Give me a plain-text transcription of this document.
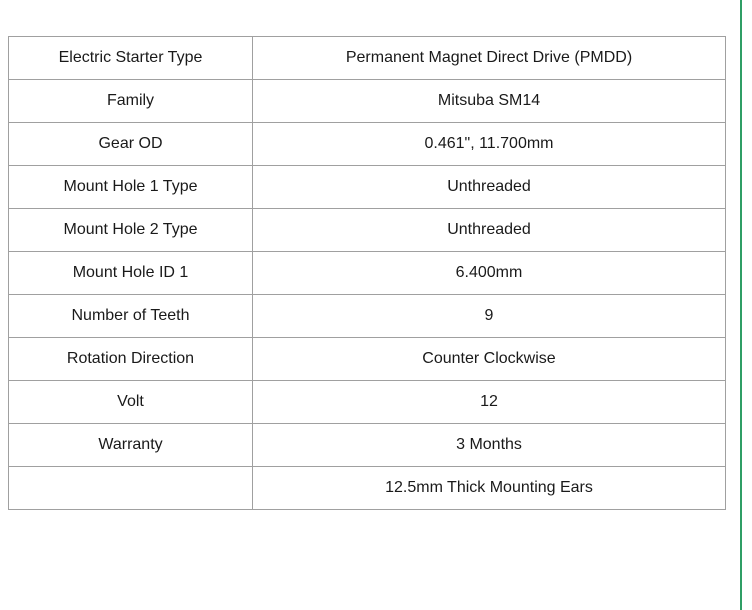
Electric Starter Type	Permanent Magnet Direct Drive (PMDD)
Family	Mitsuba SM14
Gear OD	0.461", 11.700mm
Mount Hole 1 Type	Unthreaded
Mount Hole 2 Type	Unthreaded
Mount Hole ID 1	6.400mm
Number of Teeth	9
Rotation Direction	Counter Clockwise
Volt	12
Warranty	3 Months
	12.5mm Thick Mounting Ears
